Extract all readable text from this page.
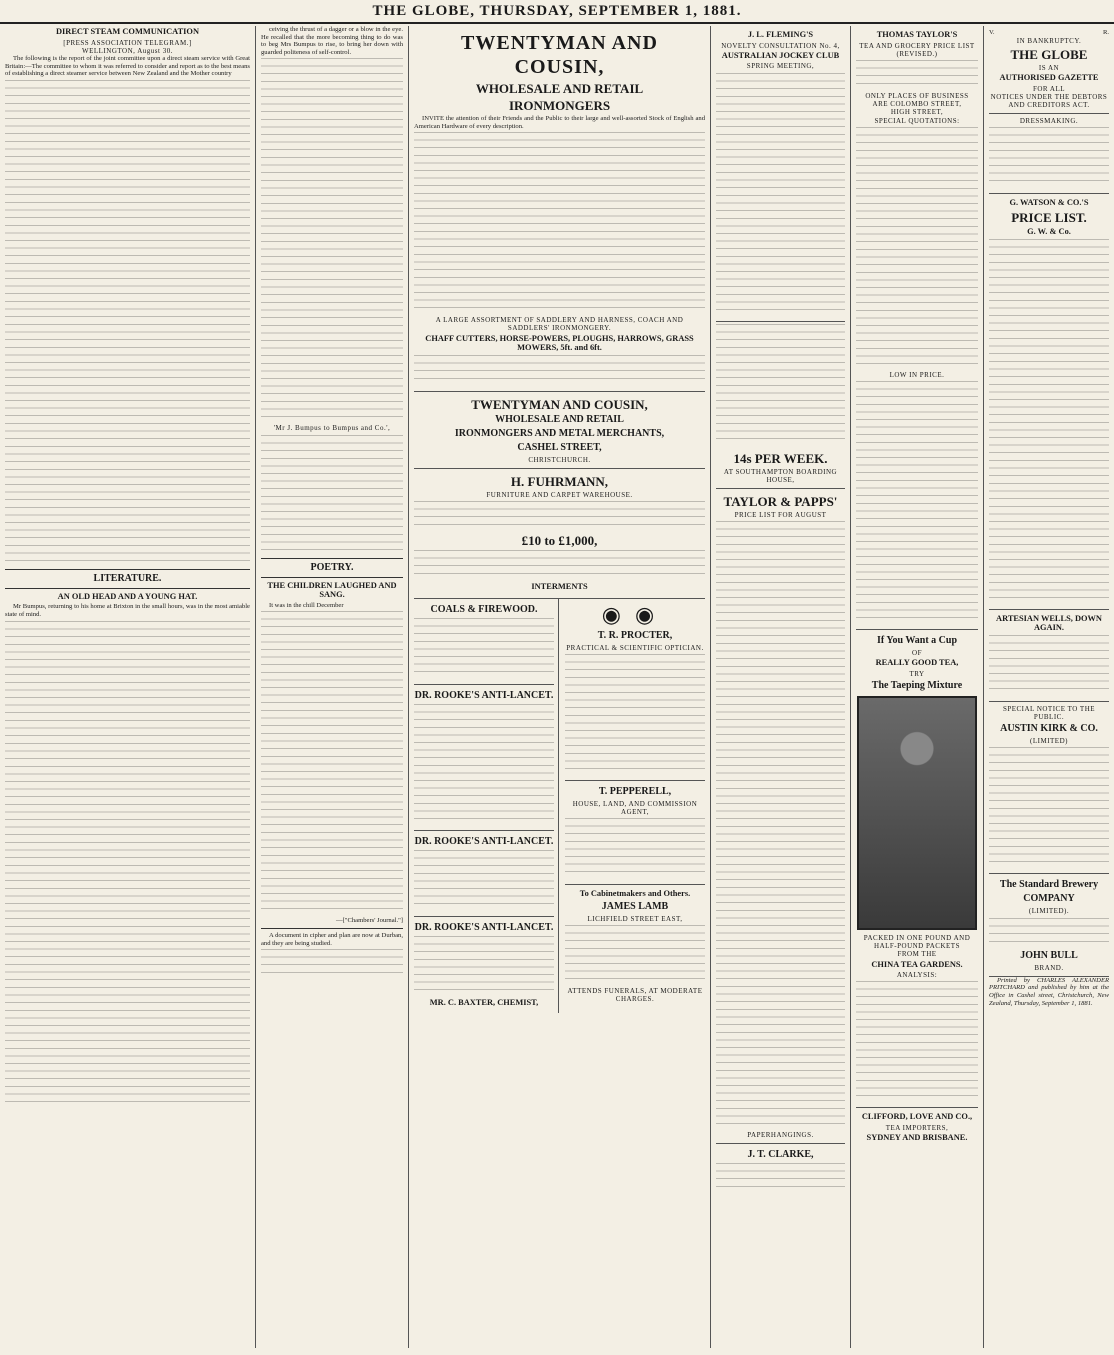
THE GLOBE, THURSDAY, SEPTEMBER 1, 1881.
DIRECT STEAM COMMUNICATION
[PRESS ASSOCIATION TELEGRAM.]
WELLINGTON, August 30.

The following is the report of the joint committee upon a direct steam service with Great Britain:—The committee to whom it was referred to consider and report as to the best means of establishing a direct steamer service between New Zealand and the Mother country

LITERATURE.
AN OLD HEAD AND A YOUNG HAT.

Mr Bumpus, returning to his home at Brixton in the small hours, was in the most amiable state of mind.

ceiving the thrust of a dagger or a blow in the eye. He recalled that the more becoming thing to do was to beg Mrs Bumpus to rise, to bring her down with guarded politeness of self-control.

'Mr J. Bumpus to Bumpus and Co.',
POETRY.
THE CHILDREN LAUGHED AND SANG.

It was in the chill December

—["Chambers' Journal."]

A document in cipher and plan are now at Durban, and they are being studied.

TWENTYMAN AND COUSIN,
WHOLESALE AND RETAIL
IRONMONGERS

INVITE the attention of their Friends and the Public to their large and well-assorted Stock of English and American Hardware of every description.

A LARGE ASSORTMENT OF SADDLERY AND HARNESS, COACH AND SADDLERS' IRONMONGERY.
CHAFF CUTTERS, HORSE-POWERS, PLOUGHS, HARROWS, GRASS MOWERS, 5ft. and 6ft.
TWENTYMAN AND COUSIN,
WHOLESALE AND RETAIL
IRONMONGERS AND METAL MERCHANTS,
CASHEL STREET,
CHRISTCHURCH.
H. FUHRMANN,
FURNITURE AND CARPET WAREHOUSE.
£10 to £1,000,
INTERMENTS
COALS & FIREWOOD.
DR. ROOKE'S ANTI-LANCET.
DR. ROOKE'S ANTI-LANCET.
DR. ROOKE'S ANTI-LANCET.
MR. C. BAXTER, CHEMIST,
◉◉
T. R. PROCTER,
PRACTICAL & SCIENTIFIC OPTICIAN.
T. PEPPERELL,
HOUSE, LAND, AND COMMISSION AGENT,
To Cabinetmakers and Others.
JAMES LAMB
LICHFIELD STREET EAST,
ATTENDS FUNERALS, AT MODERATE CHARGES.
J. L. FLEMING'S
NOVELTY CONSULTATION No. 4,
AUSTRALIAN JOCKEY CLUB
SPRING MEETING,
14s PER WEEK.
AT SOUTHAMPTON BOARDING HOUSE,
TAYLOR & PAPPS'
PRICE LIST FOR AUGUST
PAPERHANGINGS.
J. T. CLARKE,
THOMAS TAYLOR'S
TEA AND GROCERY PRICE LIST
(REVISED.)
ONLY PLACES OF BUSINESS
ARE COLOMBO STREET,
HIGH STREET,
SPECIAL QUOTATIONS:
LOW IN PRICE.
If You Want a Cup
OF
REALLY GOOD TEA,
TRY
The Taeping Mixture
PACKED IN ONE POUND AND HALF-POUND PACKETS
FROM THE
CHINA TEA GARDENS.
ANALYSIS:
CLIFFORD, LOVE AND CO.,
TEA IMPORTERS,
SYDNEY AND BRISBANE.
V.	R.
IN BANKRUPTCY.
THE GLOBE
IS AN
AUTHORISED GAZETTE
FOR ALL
NOTICES UNDER THE DEBTORS AND CREDITORS ACT.
DRESSMAKING.
G. WATSON & CO.'S
PRICE LIST.
G. W. & Co.
ARTESIAN WELLS, DOWN AGAIN.
SPECIAL NOTICE TO THE PUBLIC.
AUSTIN KIRK & CO.
(LIMITED)
The Standard Brewery
COMPANY
(LIMITED).
JOHN BULL
BRAND.

Printed by CHARLES ALEXANDER PRITCHARD and published by him at the Office in Cashel street, Christchurch, New Zealand, Thursday, September 1, 1881.
